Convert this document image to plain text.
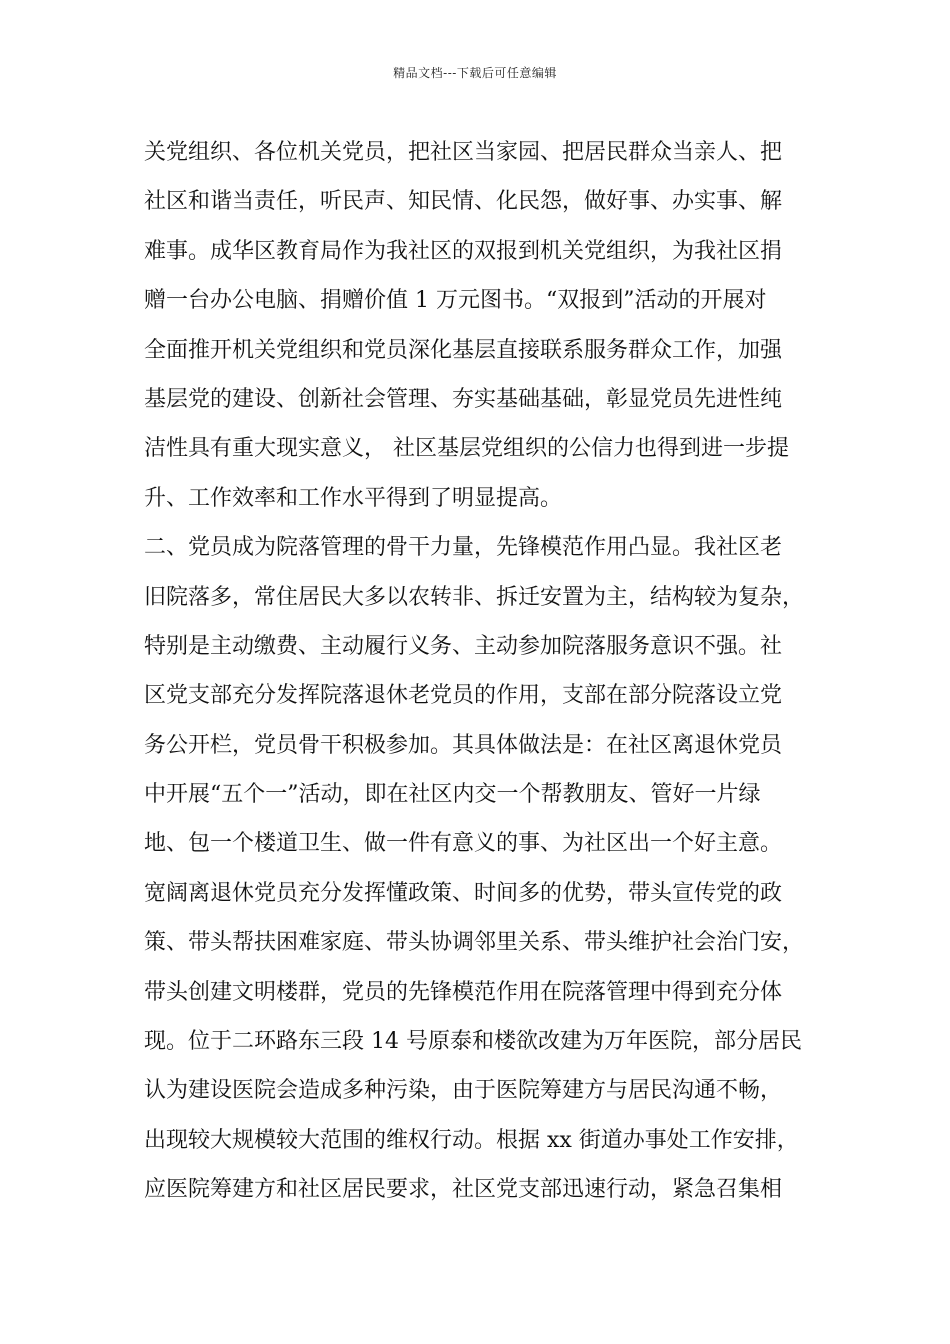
精品文档---下载后可任意编辑
关党组织、各位机关党员，把社区当家园、把居民群众当亲人、把
社区和谐当责任，听民声、知民情、化民怨，做好事、办实事、解
难事。成华区教育局作为我社区的双报到机关党组织，为我社区捐
赠一台办公电脑、捐赠价值 1 万元图书。“双报到”活动的开展对
全面推开机关党组织和党员深化基层直接联系服务群众工作，加强
基层党的建设、创新社会管理、夯实基础基础，彰显党员先进性纯
洁性具有重大现实意义， 社区基层党组织的公信力也得到进一步提
升、工作效率和工作水平得到了明显提高。
二、党员成为院落管理的骨干力量，先锋模范作用凸显。我社区老
旧院落多，常住居民大多以农转非、拆迁安置为主，结构较为复杂，
特别是主动缴费、主动履行义务、主动参加院落服务意识不强。社
区党支部充分发挥院落退休老党员的作用，支部在部分院落设立党
务公开栏，党员骨干积极参加。其具体做法是：在社区离退休党员
中开展“五个一”活动，即在社区内交一个帮教朋友、管好一片绿
地、包一个楼道卫生、做一件有意义的事、为社区出一个好主意。
宽阔离退休党员充分发挥懂政策、时间多的优势，带头宣传党的政
策、带头帮扶困难家庭、带头协调邻里关系、带头维护社会治门安，
带头创建文明楼群，党员的先锋模范作用在院落管理中得到充分体
现。位于二环路东三段 14 号原泰和楼欲改建为万年医院，部分居民
认为建设医院会造成多种污染，由于医院筹建方与居民沟通不畅，
出现较大规模较大范围的维权行动。根据 xx 街道办事处工作安排，
应医院筹建方和社区居民要求，社区党支部迅速行动，紧急召集相
